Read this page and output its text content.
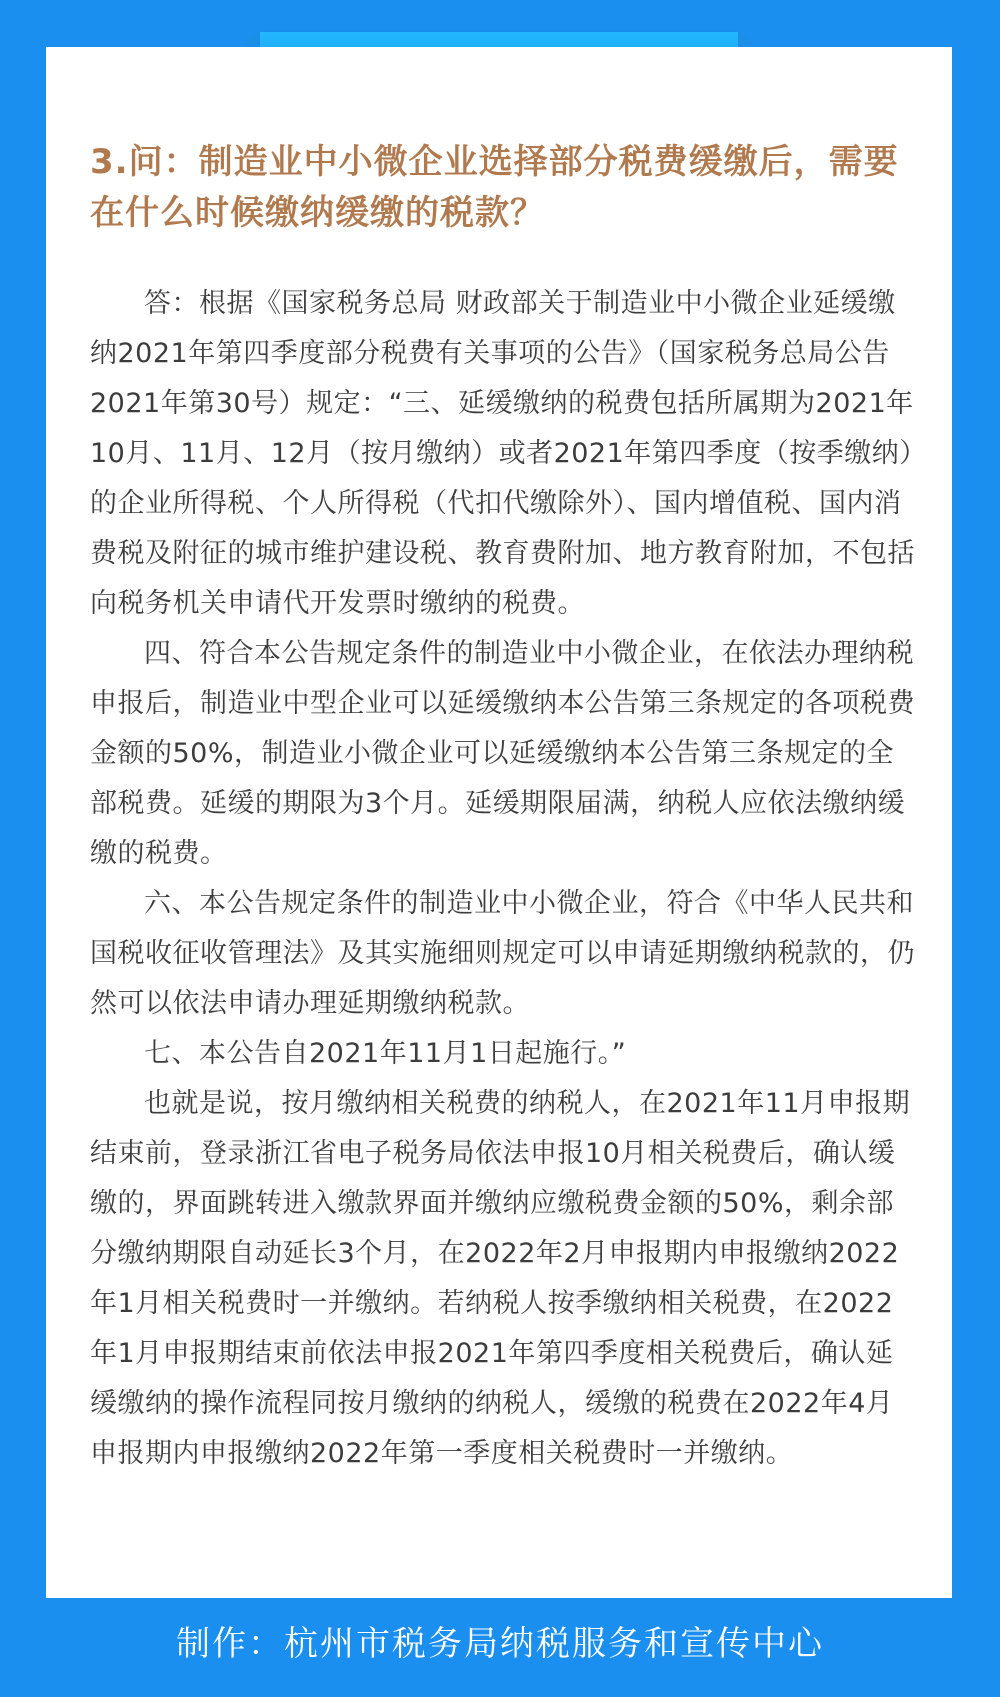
3.问：制造业中小微企业选择部分税费缓缴后，需要在什么时候缴纳缓缴的税款？

答：根据《国家税务总局 财政部关于制造业中小微企业延缓缴纳2021年第四季度部分税费有关事项的公告》（国家税务总局公告2021年第30号）规定：“三、延缓缴纳的税费包括所属期为2021年10月、11月、12月（按月缴纳）或者2021年第四季度（按季缴纳）的企业所得税、个人所得税（代扣代缴除外）、国内增值税、国内消费税及附征的城市维护建设税、教育费附加、地方教育附加，不包括向税务机关申请代开发票时缴纳的税费。

四、符合本公告规定条件的制造业中小微企业，在依法办理纳税申报后，制造业中型企业可以延缓缴纳本公告第三条规定的各项税费金额的50%，制造业小微企业可以延缓缴纳本公告第三条规定的全部税费。延缓的期限为3个月。延缓期限届满，纳税人应依法缴纳缓缴的税费。

六、本公告规定条件的制造业中小微企业，符合《中华人民共和国税收征收管理法》及其实施细则规定可以申请延期缴纳税款的，仍然可以依法申请办理延期缴纳税款。

七、本公告自2021年11月1日起施行。”

也就是说，按月缴纳相关税费的纳税人，在2021年11月申报期结束前，登录浙江省电子税务局依法申报10月相关税费后，确认缓缴的，界面跳转进入缴款界面并缴纳应缴税费金额的50%，剩余部分缴纳期限自动延长3个月，在2022年2月申报期内申报缴纳2022年1月相关税费时一并缴纳。若纳税人按季缴纳相关税费，在2022年1月申报期结束前依法申报2021年第四季度相关税费后，确认延缓缴纳的操作流程同按月缴纳的纳税人，缓缴的税费在2022年4月申报期内申报缴纳2022年第一季度相关税费时一并缴纳。

制作：杭州市税务局纳税服务和宣传中心
